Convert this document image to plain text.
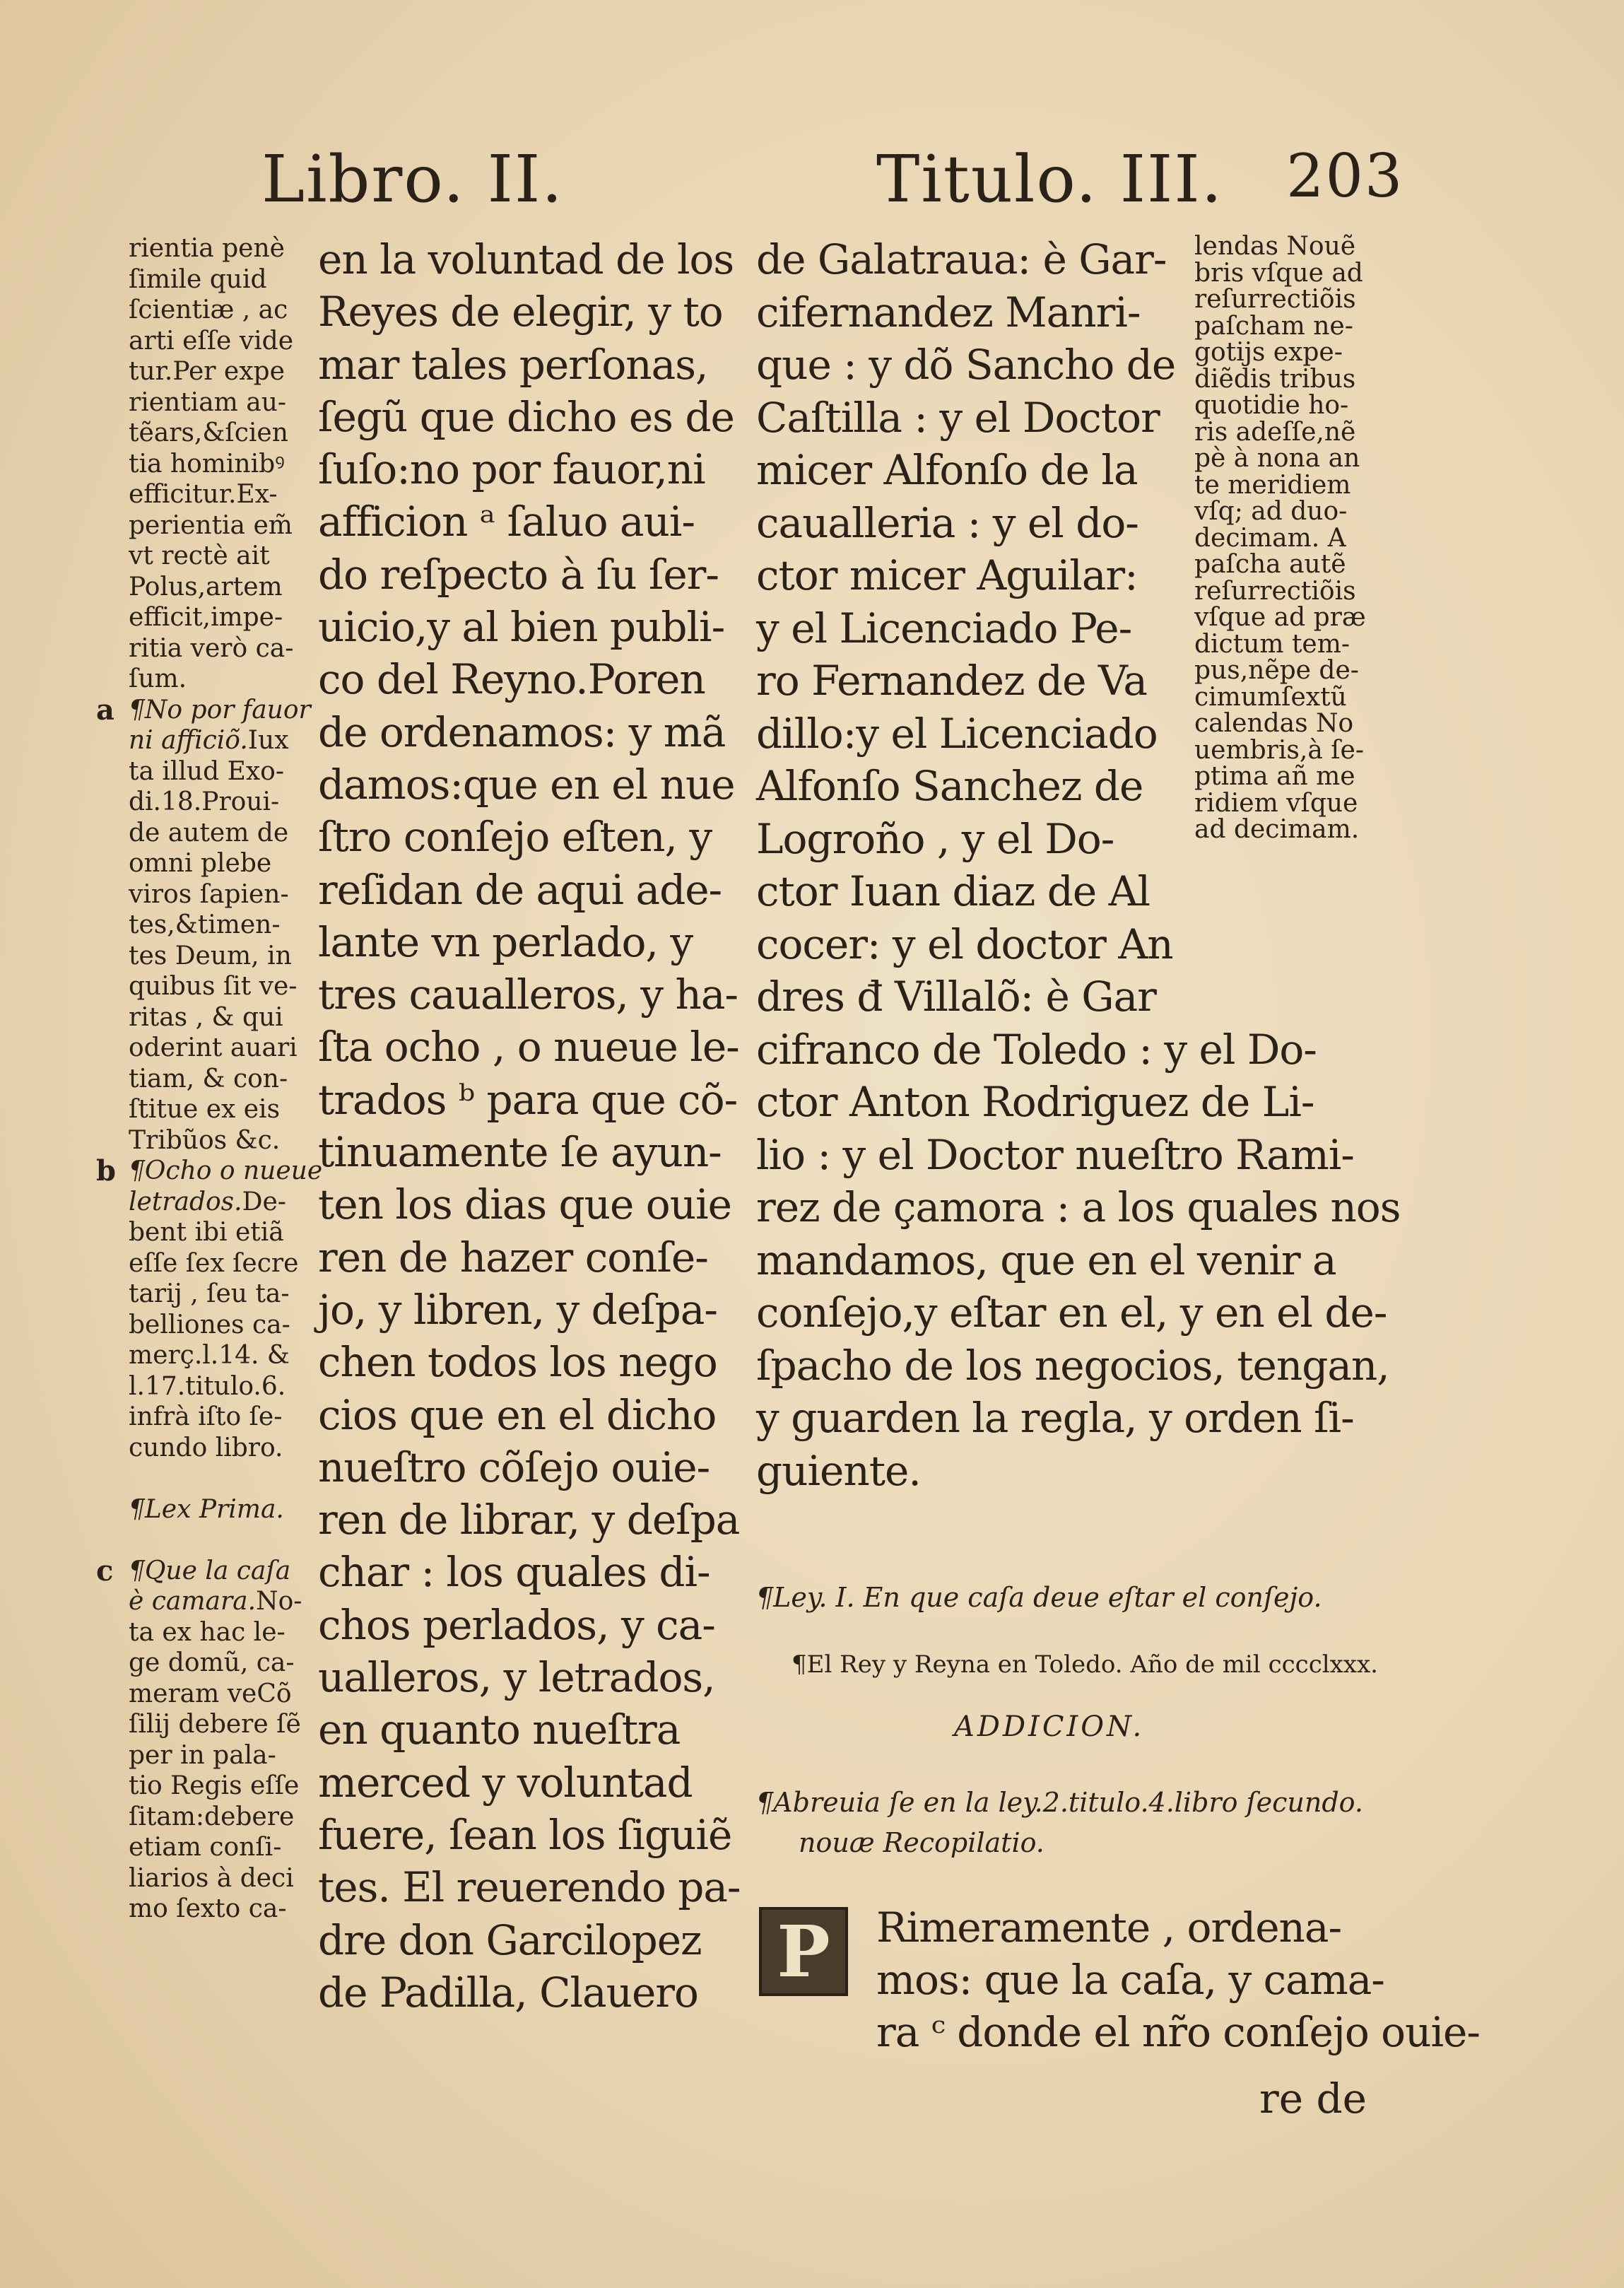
Libro. II.	Titulo. III. 203
rientia penè
ſimile quid
ſcientiæ , ac
arti eſſe vide
tur.Per expe
rientiam au-
tẽars,&ſcien
tia hominibꝰ
efficitur.Ex-
perientia em̃
vt rectè ait
Polus,artem
efficit,impe-
ritia verò ca-
ſum.
a ¶No por fauor
ni afficiõ.Iux
ta illud Exo-
di.18.Proui-
de autem de
omni plebe
viros ſapien-
tes,&timen-
tes Deum, in
quibus ſit ve-
ritas , & qui
oderint auari
tiam, & con-
ſtitue ex eis
Tribũos &c.
b ¶Ocho o nueue
letrados.De-
bent ibi etiã
eſſe ſex ſecre
tarij , ſeu ta-
belliones ca-
merç.l.14. &
l.17.titulo.6.
infrà iſto ſe-
cundo libro.
¶Lex Prima.
c ¶Que la caſa
è camara.No-
ta ex hac le-
ge domũ, ca-
meram veCõ
ſilij debere ſẽ
per in pala-
tio Regis eſſe
ſitam:debere
etiam conſi-
liarios à deci
mo ſexto ca-
en la voluntad de los
Reyes de elegir, y to
mar tales perſonas,
ſegũ que dicho es de
ſuſo:no por fauor,ni
afficion ᵃ ſaluo aui-
do reſpecto à ſu ſer-
uicio,y al bien publi-
co del Reyno.Poren
de ordenamos: y mã
damos:que en el nue
ſtro conſejo eſten, y
reſidan de aqui ade-
lante vn perlado, y
tres caualleros, y ha-
ſta ocho , o nueue le-
trados ᵇ para que cõ-
tinuamente ſe ayun-
ten los dias que ouie
ren de hazer conſe-
jo, y libren, y deſpa-
chen todos los nego
cios que en el dicho
nueſtro cõſejo ouie-
ren de librar, y deſpa
char : los quales di-
chos perlados, y ca-
ualleros, y letrados,
en quanto nueſtra
merced y voluntad
fuere, ſean los ſiguiẽ
tes. El reuerendo pa-
dre don Garcilopez
de Padilla, Clauero
de Galatraua: è Gar-
cifernandez Manri-
que : y dõ Sancho de
Caſtilla : y el Doctor
micer Alfonſo de la
caualleria : y el do-
ctor micer Aguilar:
y el Licenciado Pe-
ro Fernandez de Va
dillo:y el Licenciado
Alfonſo Sanchez de
Logroño , y el Do-
ctor Iuan diaz de Al
cocer: y el doctor An
dres đ Villalõ: è Gar
cifranco de Toledo : y el Do-
ctor Anton Rodriguez de Li-
lio : y el Doctor nueſtro Rami-
rez de çamora : a los quales nos
mandamos, que en el venir a
conſejo,y eſtar en el, y en el de-
ſpacho de los negocios, tengan,
y guarden la regla, y orden ſi-
guiente.
lendas Nouẽ
bris vſque ad
reſurrectiõis
paſcham ne-
gotijs expe-
diẽdis tribus
quotidie ho-
ris adeſſe,nẽ
pè à nona an
te meridiem
vſq; ad duo-
decimam. A
paſcha autẽ
reſurrectiõis
vſque ad præ
dictum tem-
pus,nẽpe de-
cimumſextũ
calendas No
uembris,à ſe-
ptima añ me
ridiem vſque
ad decimam.
¶Ley. I. En que caſa deue eſtar el conſejo.
¶El Rey y Reyna en Toledo. Año de mil cccclxxx.
ADDICION.
¶Abreuia ſe en la ley.2.titulo.4.libro ſecundo.
nouæ Recopilatio.
P	Rimeramente , ordena-
mos: que la caſa, y cama-
ra ᶜ donde el nr̃o conſejo ouie-
re de
